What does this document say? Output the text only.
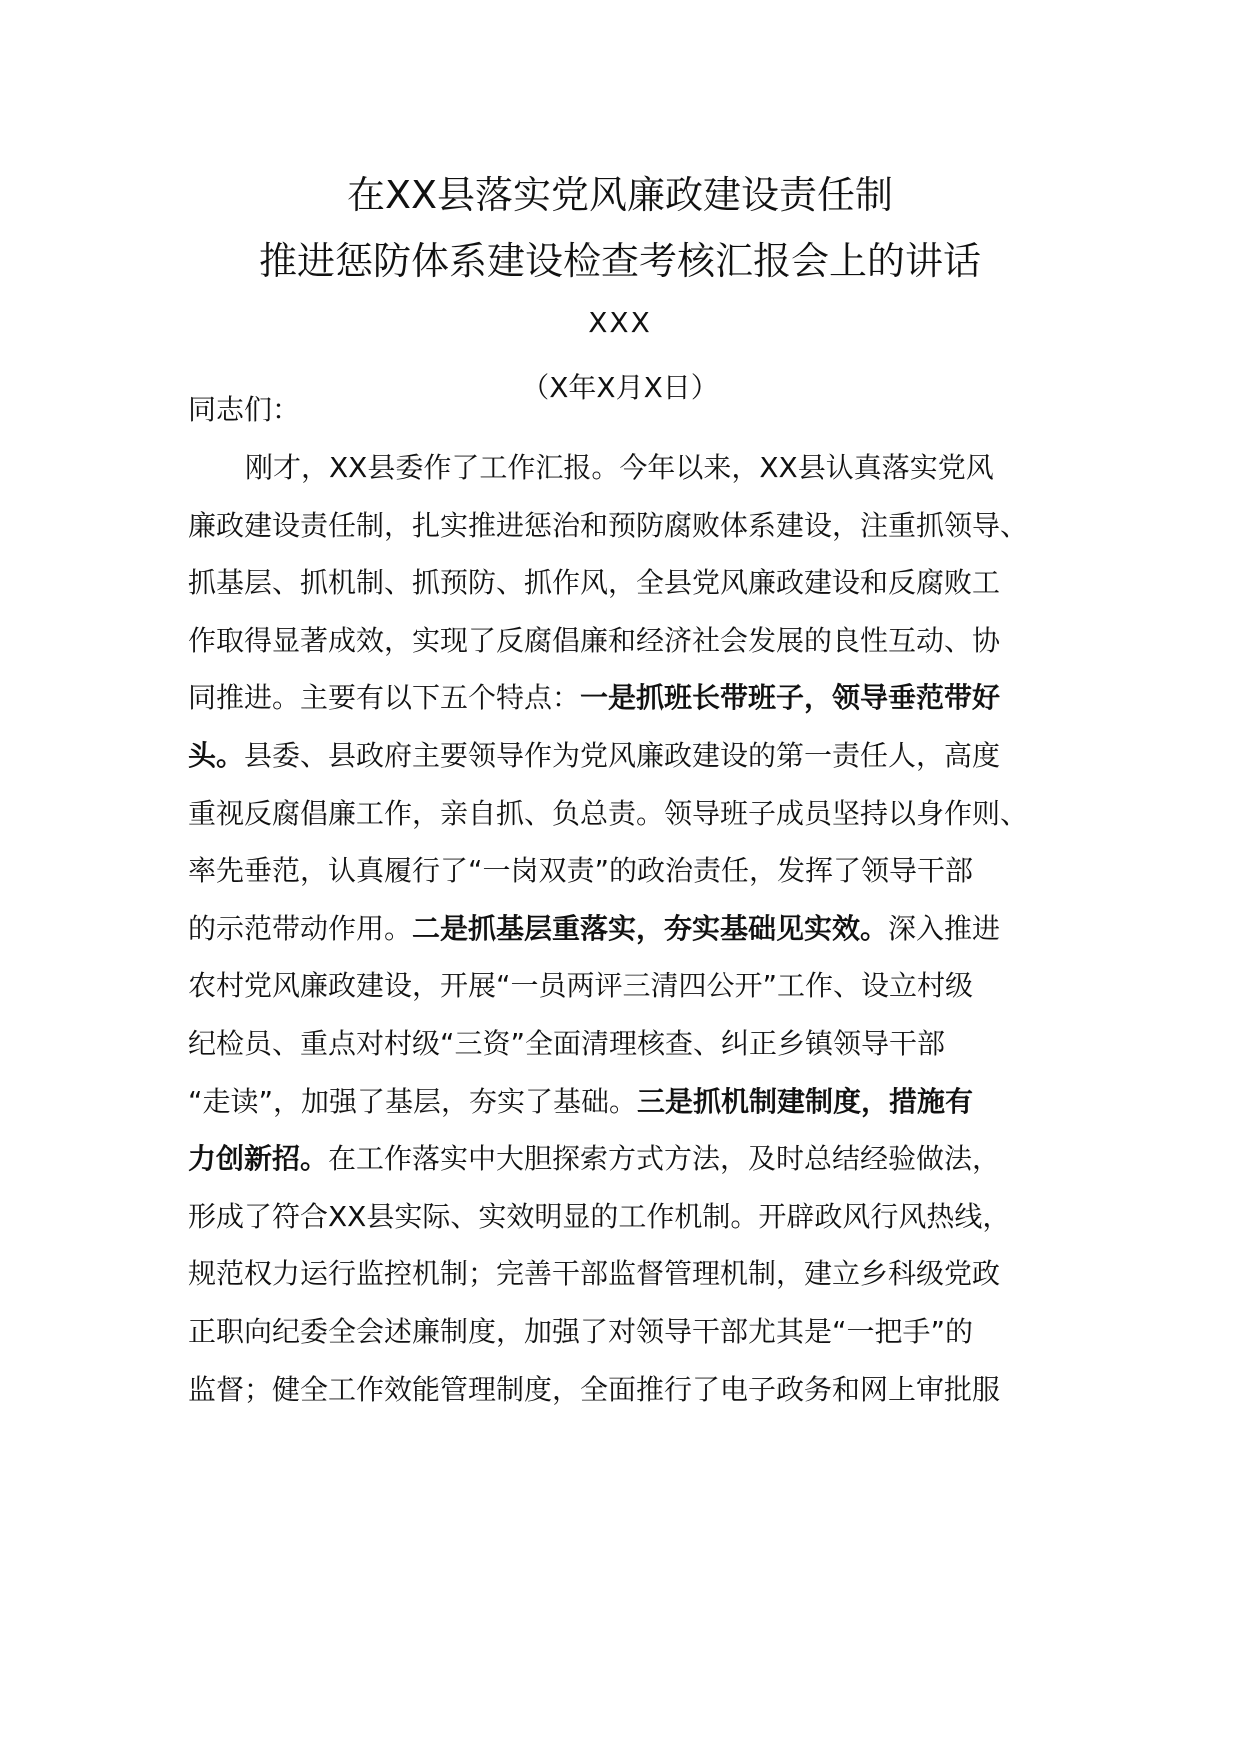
在XX县落实党风廉政建设责任制
推进惩防体系建设检查考核汇报会上的讲话
XXX
（X年X月X日）
同志们：
刚才，XX县委作了工作汇报。今年以来，XX县认真落实党风
廉政建设责任制，扎实推进惩治和预防腐败体系建设，注重抓领导、
抓基层、抓机制、抓预防、抓作风，全县党风廉政建设和反腐败工
作取得显著成效，实现了反腐倡廉和经济社会发展的良性互动、协
同推进。主要有以下五个特点：一是抓班长带班子，领导垂范带好
头。县委、县政府主要领导作为党风廉政建设的第一责任人，高度
重视反腐倡廉工作，亲自抓、负总责。领导班子成员坚持以身作则、
率先垂范，认真履行了“一岗双责”的政治责任，发挥了领导干部
的示范带动作用。二是抓基层重落实，夯实基础见实效。深入推进
农村党风廉政建设，开展“一员两评三清四公开”工作、设立村级
纪检员、重点对村级“三资”全面清理核查、纠正乡镇领导干部
“走读”，加强了基层，夯实了基础。三是抓机制建制度，措施有
力创新招。在工作落实中大胆探索方式方法，及时总结经验做法，
形成了符合XX县实际、实效明显的工作机制。开辟政风行风热线，
规范权力运行监控机制；完善干部监督管理机制，建立乡科级党政
正职向纪委全会述廉制度，加强了对领导干部尤其是“一把手”的
监督；健全工作效能管理制度，全面推行了电子政务和网上审批服
